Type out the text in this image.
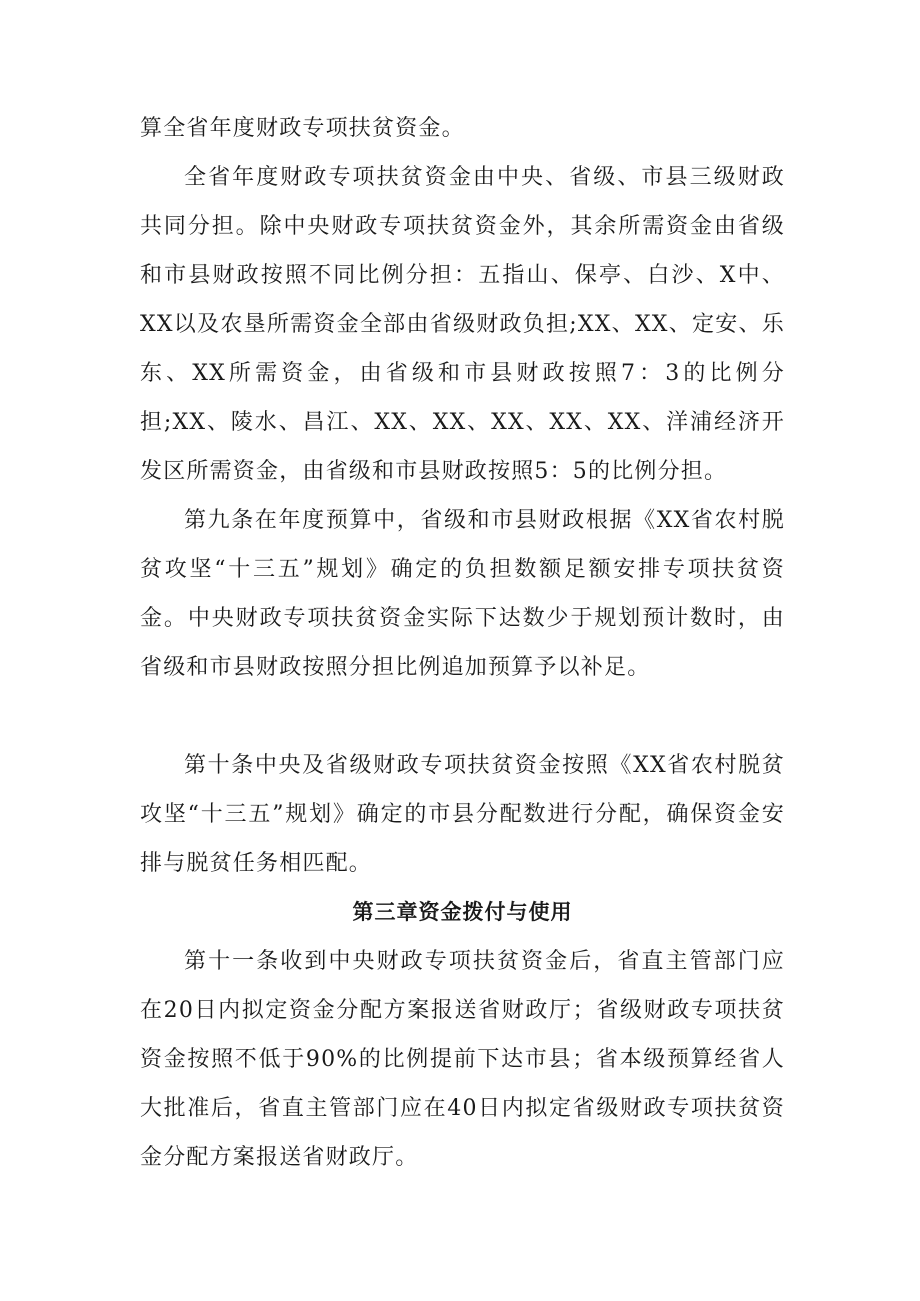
算全省年度财政专项扶贫资金。

全省年度财政专项扶贫资金由中央、省级、市县三级财政共同分担。除中央财政专项扶贫资金外，其余所需资金由省级和市县财政按照不同比例分担：五指山、保亭、白沙、X中、XX以及农垦所需资金全部由省级财政负担;XX、XX、定安、乐东、XX所需资金，由省级和市县财政按照7：3的比例分担;XX、陵水、昌江、XX、XX、XX、XX、XX、洋浦经济开发区所需资金，由省级和市县财政按照5：5的比例分担。

第九条在年度预算中，省级和市县财政根据《XX省农村脱贫攻坚“十三五”规划》确定的负担数额足额安排专项扶贫资金。中央财政专项扶贫资金实际下达数少于规划预计数时，由省级和市县财政按照分担比例追加预算予以补足。

第十条中央及省级财政专项扶贫资金按照《XX省农村脱贫攻坚“十三五”规划》确定的市县分配数进行分配，确保资金安排与脱贫任务相匹配。

第三章资金拨付与使用

第十一条收到中央财政专项扶贫资金后，省直主管部门应在20日内拟定资金分配方案报送省财政厅；省级财政专项扶贫资金按照不低于90%的比例提前下达市县；省本级预算经省人大批准后，省直主管部门应在40日内拟定省级财政专项扶贫资金分配方案报送省财政厅。
